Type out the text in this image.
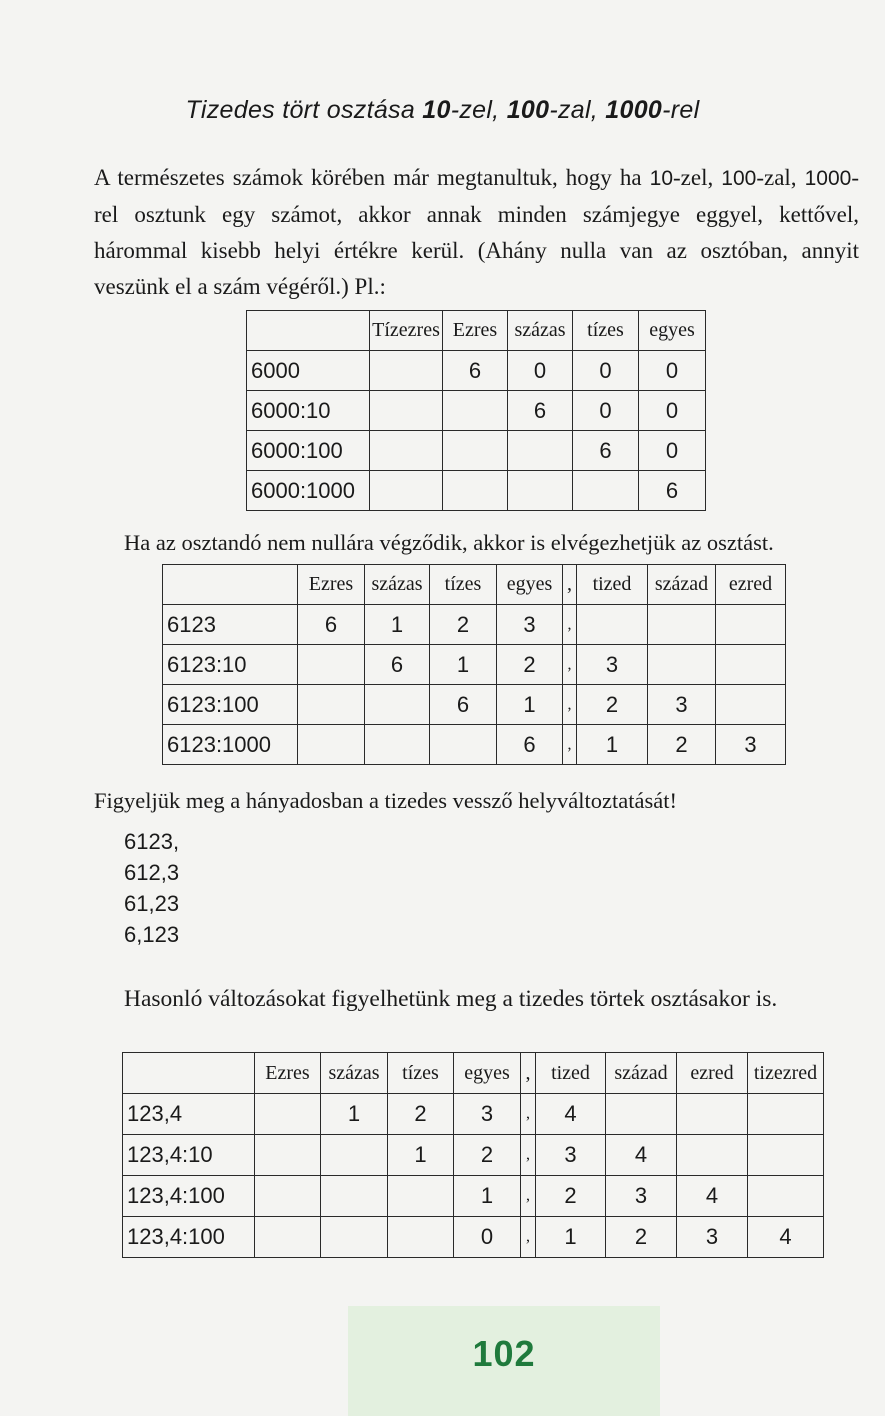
Tizedes tört osztása 10-zel, 100-zal, 1000-rel
A természetes számok körében már megtanultuk, hogy ha 10-zel, 100-zal, 1000-rel osztunk egy számot, akkor annak minden számjegye eggyel, kettővel, hárommal kisebb helyi értékre kerül. (Ahány nulla van az osztóban, annyit veszünk el a szám végéről.) Pl.:
	Tízezres	Ezres	százas	tízes	egyes
6000		6	0	0	0
6000:10			6	0	0
6000:100				6	0
6000:1000					6
Ha az osztandó nem nullára végződik, akkor is elvégezhetjük az osztást.
	Ezres	százas	tízes	egyes	,	tized	század	ezred
6123	6	1	2	3	,			
6123:10		6	1	2	,	3		
6123:100			6	1	,	2	3	
6123:1000				6	,	1	2	3
Figyeljük meg a hányadosban a tizedes vessző helyváltoztatását!
6123,
612,3
61,23
6,123
Hasonló változásokat figyelhetünk meg a tizedes törtek osztásakor is.
	Ezres	százas	tízes	egyes	,	tized	század	ezred	tizezred
123,4		1	2	3	,	4			
123,4:10			1	2	,	3	4		
123,4:100				1	,	2	3	4	
123,4:100				0	,	1	2	3	4
102
